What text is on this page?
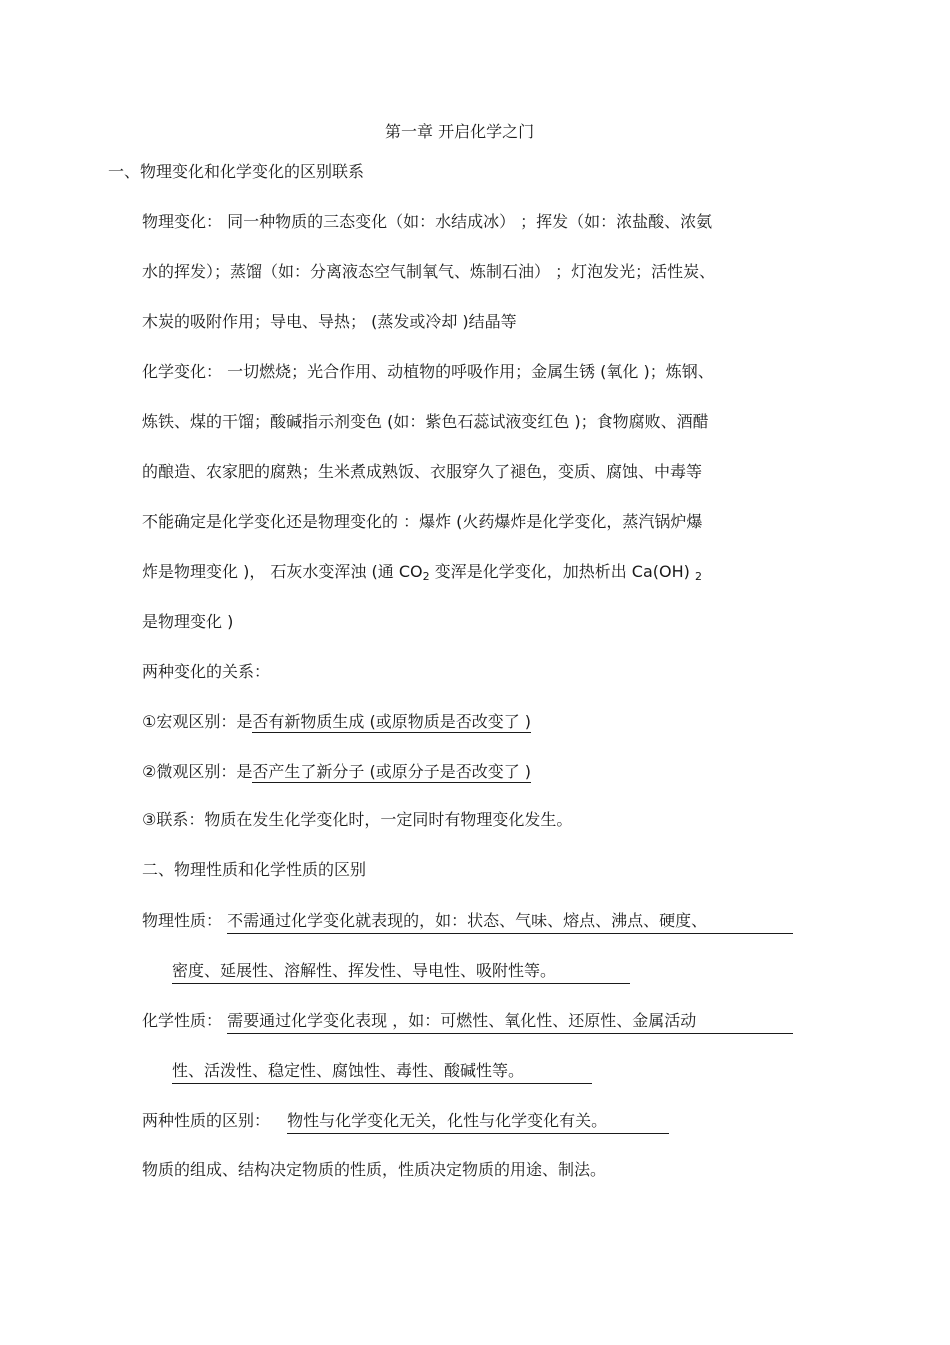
第一章 开启化学之门
一、物理变化和化学变化的区别联系
物理变化： 同一种物质的三态变化（如：水结成冰） ；挥发（如：浓盐酸、浓氨
水的挥发）；蒸馏（如：分离液态空气制氧气、炼制石油） ；灯泡发光；活性炭、
木炭的吸附作用；导电、导热； (蒸发或冷却 )结晶等
化学变化： 一切燃烧；光合作用、动植物的呼吸作用；金属生锈 (氧化 )；炼钢、
炼铁、煤的干馏；酸碱指示剂变色 (如：紫色石蕊试液变红色 )；食物腐败、酒醋
的酿造、农家肥的腐熟；生米煮成熟饭、衣服穿久了褪色，变质、腐蚀、中毒等
不能确定是化学变化还是物理变化的 ：爆炸 (火药爆炸是化学变化，蒸汽锅炉爆
炸是物理变化 )， 石灰水变浑浊 (通 $CO_2$ 变浑是化学变化，加热析出 Ca(OH) $_2$
是物理变化 )
两种变化的关系：
①宏观区别：是否有新物质生成 (或原物质是否改变了 )
②微观区别：是否产生了新分子 (或原分子是否改变了 )
③联系：物质在发生化学变化时，一定同时有物理变化发生。
二、物理性质和化学性质的区别
物理性质： 不需通过化学变化就表现的，如：状态、气味、熔点、沸点、硬度、
密度、延展性、溶解性、挥发性、导电性、吸附性等。
化学性质： 需要通过化学变化表现 ，如：可燃性、氧化性、还原性、金属活动
性、活泼性、稳定性、腐蚀性、毒性、酸碱性等。
两种性质的区别： 物性与化学变化无关，化性与化学变化有关。
物质的组成、结构决定物质的性质，性质决定物质的用途、制法。
